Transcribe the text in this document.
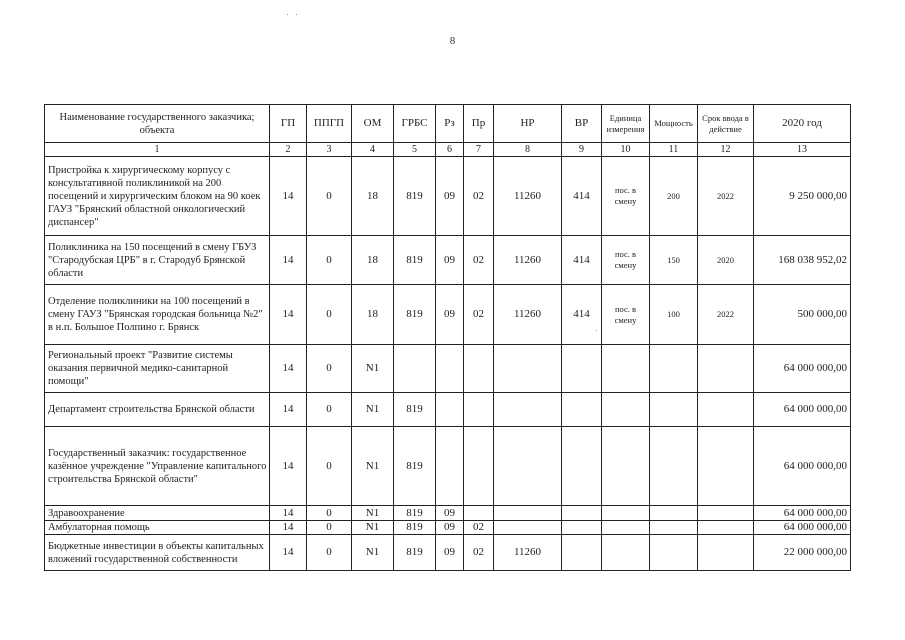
8
Наименование государственного заказчика; объекта	ГП	ППГП	ОМ	ГРБС	Рз	Пр	НР	ВР	Единица измерения	Мощность	Срок ввода в действие	2020 год
1	2	3	4	5	6	7	8	9	10	11	12	13
Пристройка к хирургическому корпусу с консультативной поликлиникой на 200 посещений и хирургическим блоком на 90 коек ГАУЗ "Брянский областной онкологический диспансер"	14	0	18	819	09	02	11260	414	пос. в смену	200	2022	9 250 000,00
Поликлиника на 150 посещений в смену ГБУЗ "Стародубская ЦРБ" в г. Стародуб Брянской области	14	0	18	819	09	02	11260	414	пос. в смену	150	2020	168 038 952,02
Отделение поликлиники на 100 посещений в смену ГАУЗ "Брянская городская больница №2" в н.п. Большое Полпино г. Брянск	14	0	18	819	09	02	11260	414	пос. в смену	100	2022	500 000,00
Региональный проект "Развитие системы оказания первичной медико-санитарной помощи"	14	0	N1									64 000 000,00
Департамент строительства Брянской области	14	0	N1	819								64 000 000,00
Государственный заказчик: государственное казённое учреждение "Управление капитального строительства Брянской области"	14	0	N1	819								64 000 000,00
Здравоохранение	14	0	N1	819	09							64 000 000,00
Амбулаторная помощь	14	0	N1	819	09	02						64 000 000,00
Бюджетные инвестиции в объекты капитальных вложений государственной собственности	14	0	N1	819	09	02	11260					22 000 000,00
